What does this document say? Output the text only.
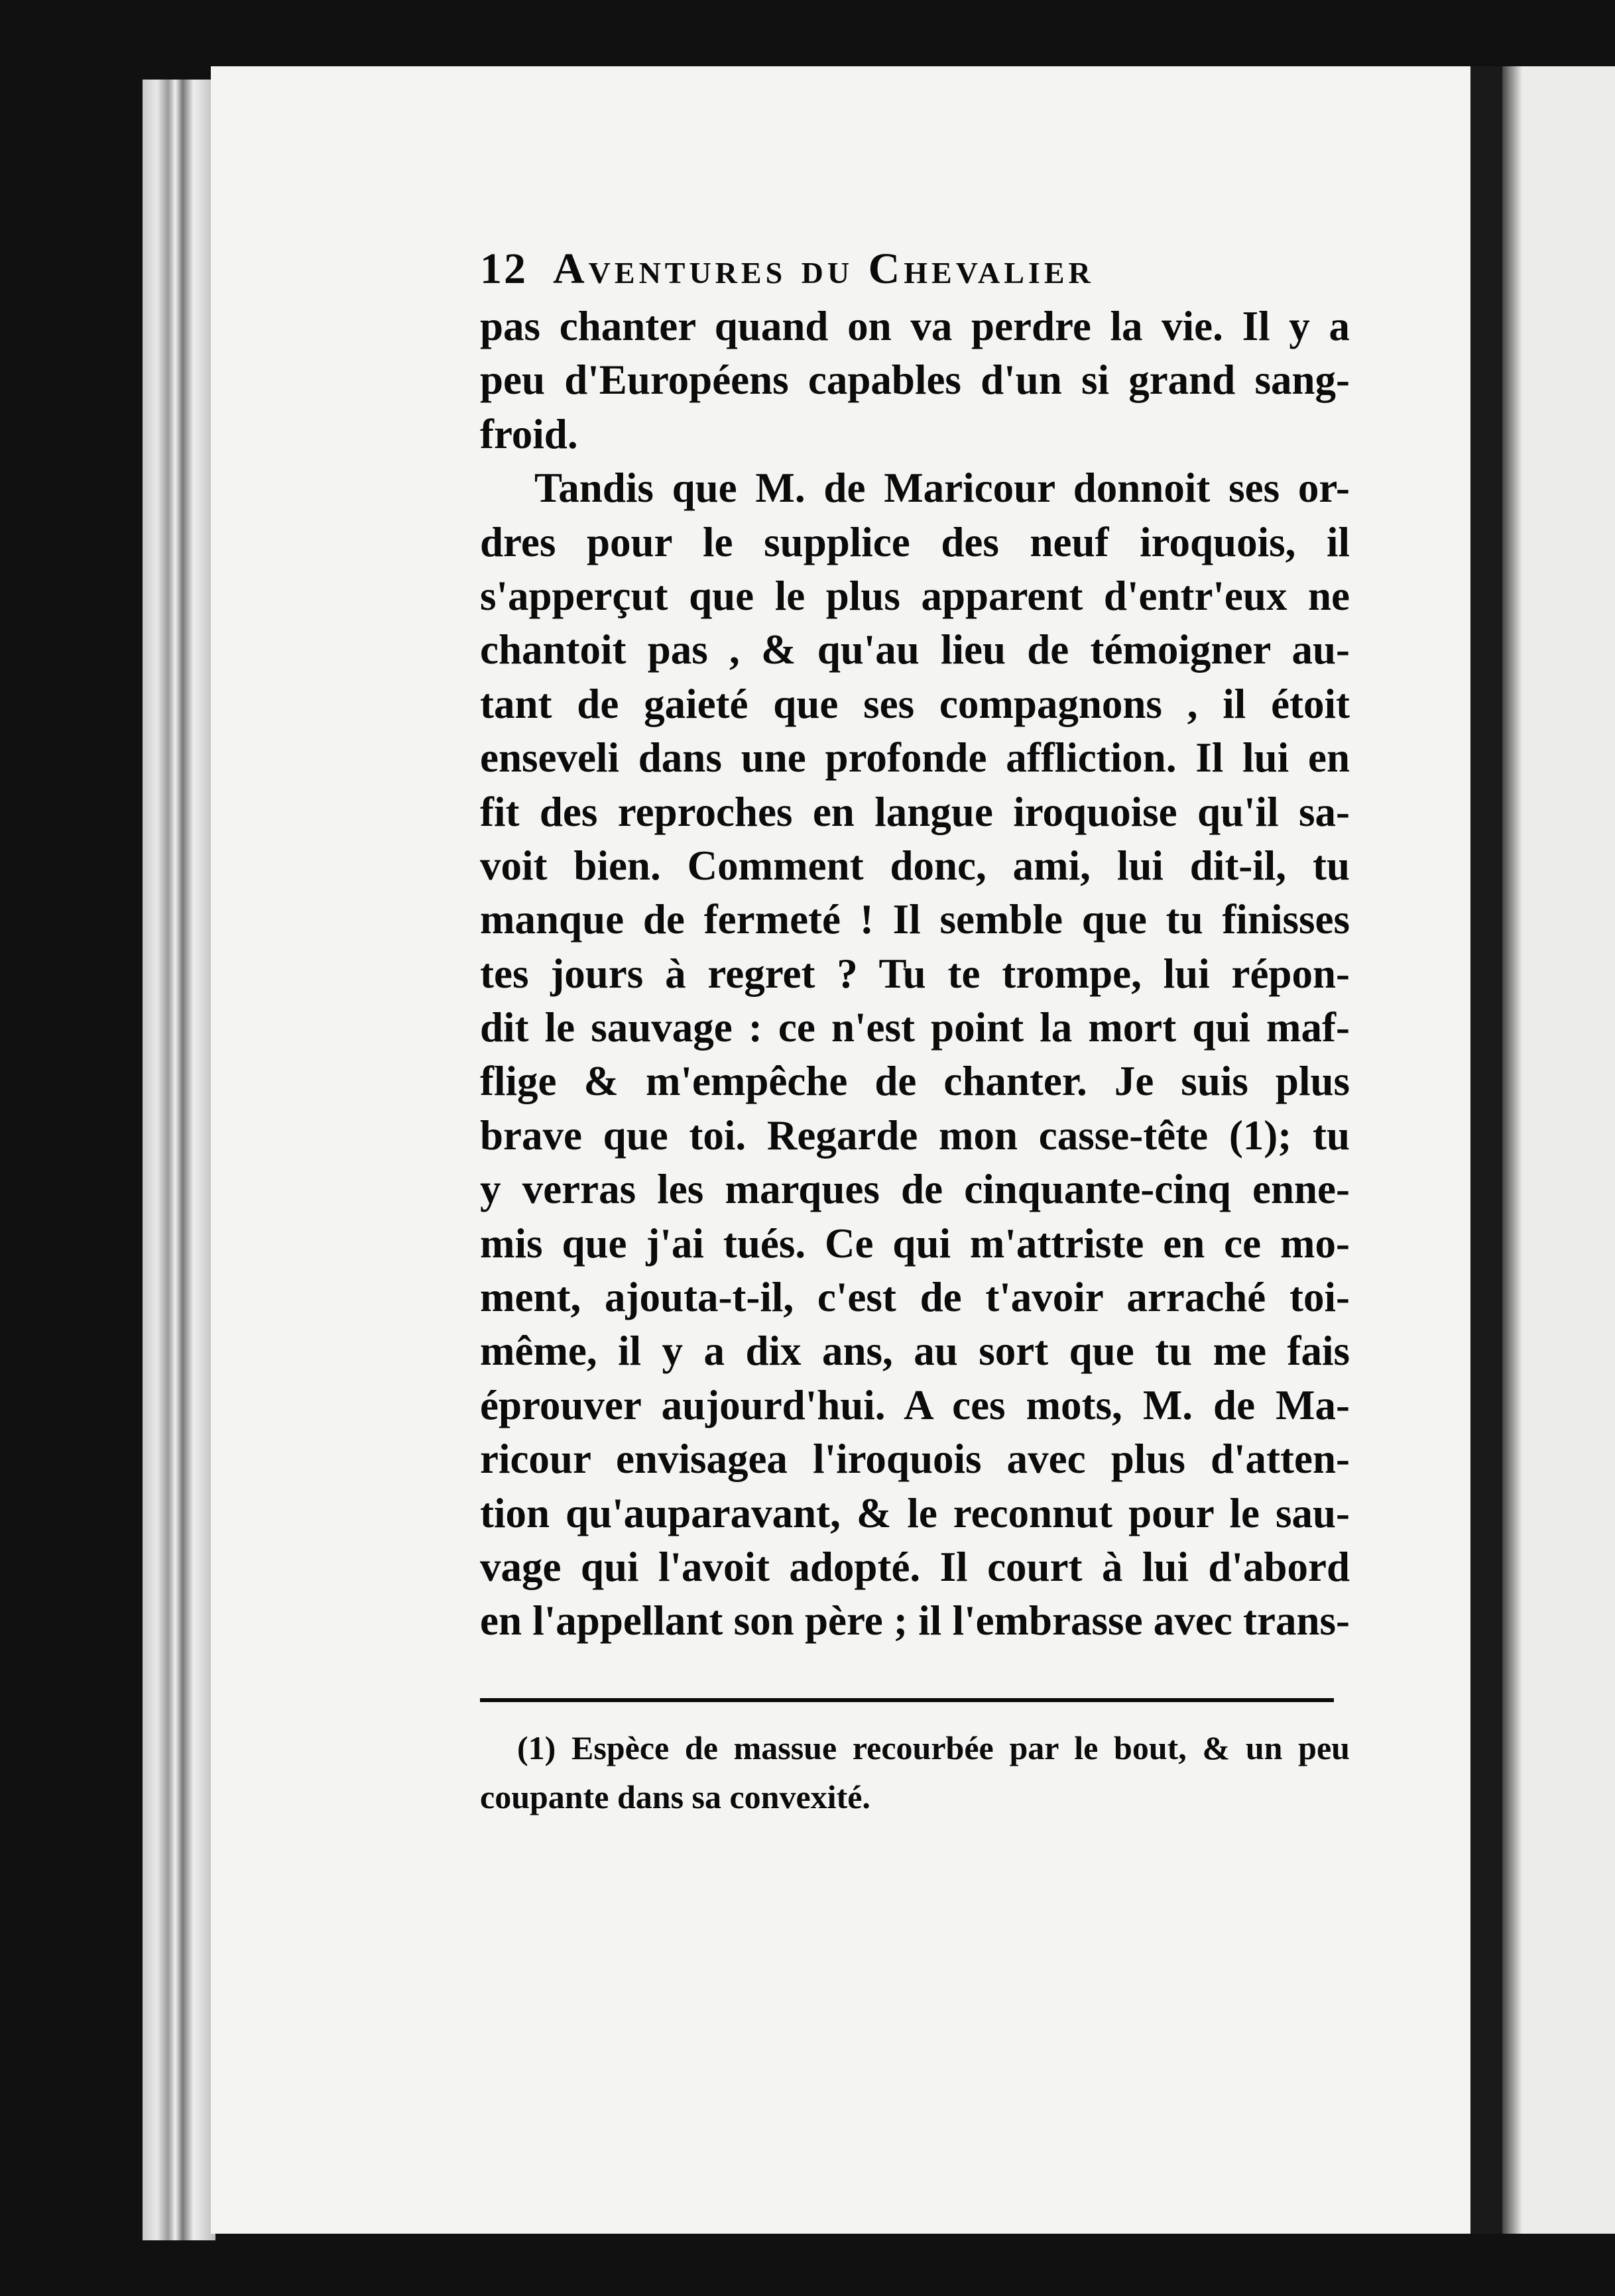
12 Aventures du Chevalier
pas chanter quand on va perdre la vie. Il y a
peu d'Européens capables d'un si grand sang-
froid.
Tandis que M. de Maricour donnoit ses or-
dres pour le supplice des neuf iroquois, il
s'apperçut que le plus apparent d'entr'eux ne
chantoit pas , & qu'au lieu de témoigner au-
tant de gaieté que ses compagnons , il étoit
enseveli dans une profonde affliction. Il lui en
fit des reproches en langue iroquoise qu'il sa-
voit bien. Comment donc, ami, lui dit-il, tu
manque de fermeté ! Il semble que tu finisses
tes jours à regret ? Tu te trompe, lui répon-
dit le sauvage : ce n'est point la mort qui maf-
flige & m'empêche de chanter. Je suis plus
brave que toi. Regarde mon casse-tête (1); tu
y verras les marques de cinquante-cinq enne-
mis que j'ai tués. Ce qui m'attriste en ce mo-
ment, ajouta-t-il, c'est de t'avoir arraché toi-
même, il y a dix ans, au sort que tu me fais
éprouver aujourd'hui. A ces mots, M. de Ma-
ricour envisagea l'iroquois avec plus d'atten-
tion qu'auparavant, & le reconnut pour le sau-
vage qui l'avoit adopté. Il court à lui d'abord
en l'appellant son père ; il l'embrasse avec trans-
(1) Espèce de massue recourbée par le bout, & un peu
coupante dans sa convexité.
